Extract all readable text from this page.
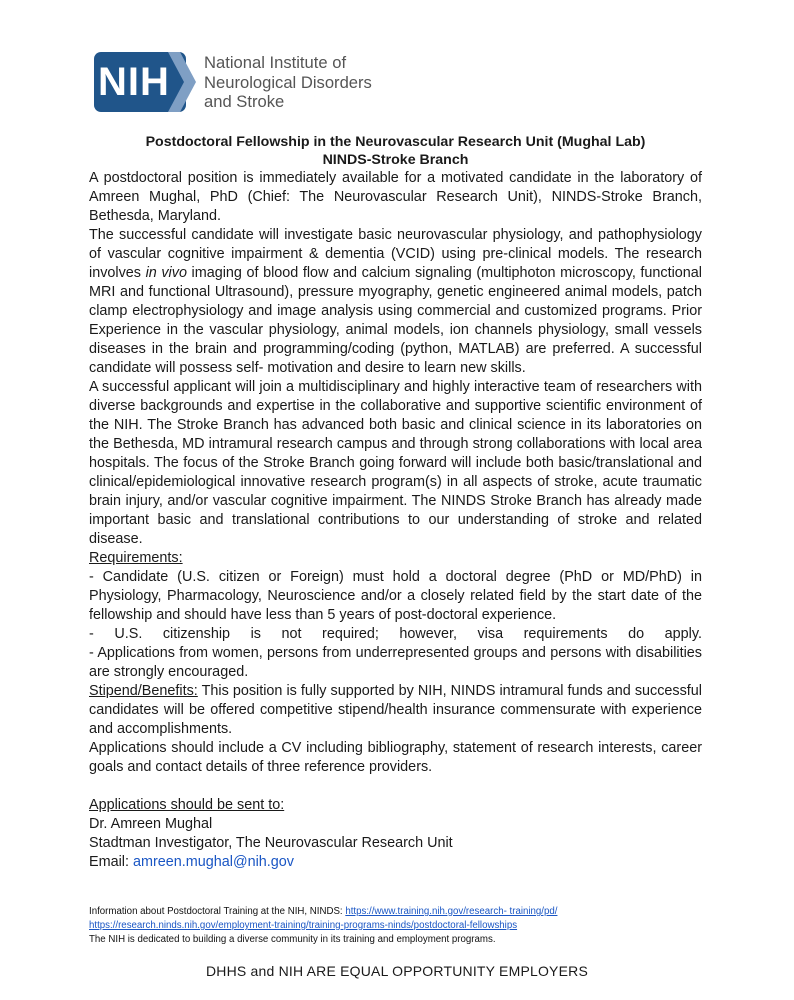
NIH National Institute of
Neurological Disorders
and Stroke
Postdoctoral Fellowship in the Neurovascular Research Unit (Mughal Lab)
NINDS-Stroke Branch

A postdoctoral position is immediately available for a motivated candidate in the laboratory of Amreen Mughal, PhD (Chief: The Neurovascular Research Unit), NINDS-Stroke Branch, Bethesda, Maryland.

The successful candidate will investigate basic neurovascular physiology, and pathophysiology of vascular cognitive impairment & dementia (VCID) using pre-clinical models. The research involves in vivo imaging of blood flow and calcium signaling (multiphoton microscopy, functional MRI and functional Ultrasound), pressure myography, genetic engineered animal models, patch clamp electrophysiology and image analysis using commercial and customized programs. Prior Experience in the vascular physiology, animal models, ion channels physiology, small vessels diseases in the brain and programming/coding (python, MATLAB) are preferred. A successful candidate will possess self- motivation and desire to learn new skills.

A successful applicant will join a multidisciplinary and highly interactive team of researchers with diverse backgrounds and expertise in the collaborative and supportive scientific environment of the NIH. The Stroke Branch has advanced both basic and clinical science in its laboratories on the Bethesda, MD intramural research campus and through strong collaborations with local area hospitals. The focus of the Stroke Branch going forward will include both basic/translational and clinical/epidemiological innovative research program(s) in all aspects of stroke, acute traumatic brain injury, and/or vascular cognitive impairment. The NINDS Stroke Branch has already made important basic and translational contributions to our understanding of stroke and related disease.

Requirements:

- Candidate (U.S. citizen or Foreign) must hold a doctoral degree (PhD or MD/PhD) in Physiology, Pharmacology, Neuroscience and/or a closely related field by the start date of the fellowship and should have less than 5 years of post-doctoral experience.

- U.S. citizenship is not required; however, visa requirements do apply.

- Applications from women, persons from underrepresented groups and persons with disabilities are strongly encouraged.

Stipend/Benefits: This position is fully supported by NIH, NINDS intramural funds and successful candidates will be offered competitive stipend/health insurance commensurate with experience and accomplishments.

Applications should include a CV including bibliography, statement of research interests, career goals and contact details of three reference providers.

Applications should be sent to:
Dr. Amreen Mughal
Stadtman Investigator, The Neurovascular Research Unit
Email: amreen.mughal@nih.gov
Information about Postdoctoral Training at the NIH, NINDS: https://www.training.nih.gov/research- training/pd/
https://research.ninds.nih.gov/employment-training/training-programs-ninds/postdoctoral-fellowships
The NIH is dedicated to building a diverse community in its training and employment programs.
DHHS and NIH ARE EQUAL OPPORTUNITY EMPLOYERS
